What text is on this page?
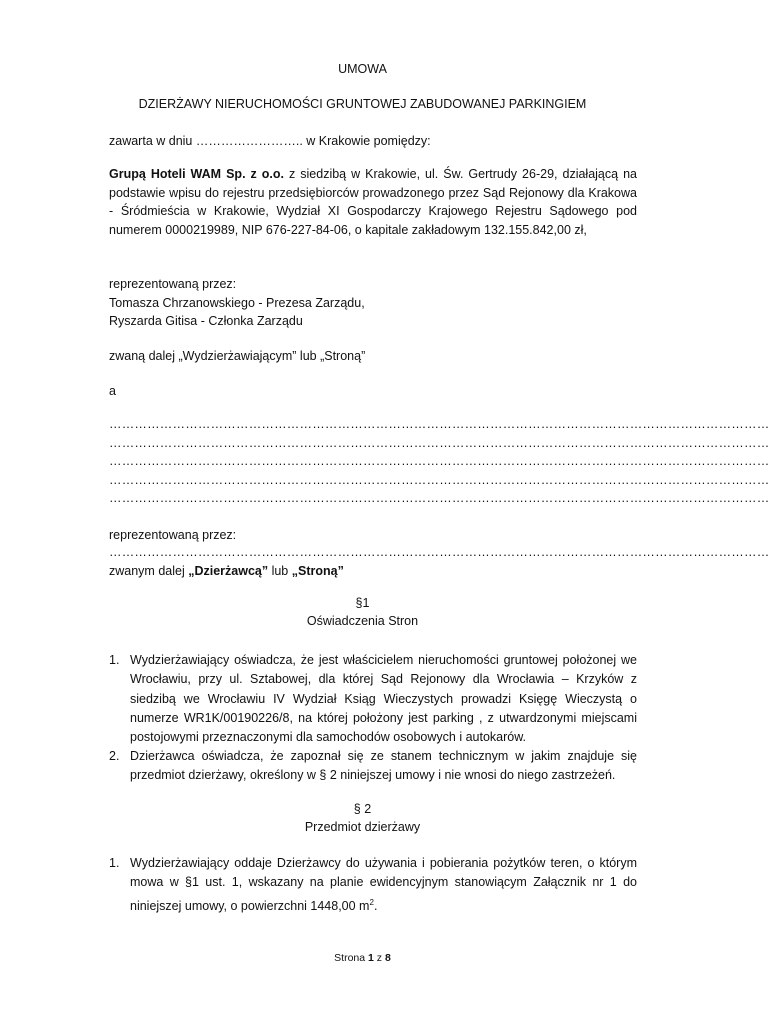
UMOWA
DZIERŻAWY NIERUCHOMOŚCI GRUNTOWEJ ZABUDOWANEJ PARKINGIEM
zawarta w dniu …………………….. w Krakowie pomiędzy:
Grupą Hoteli WAM Sp. z o.o. z siedzibą w Krakowie, ul. Św. Gertrudy 26-29, działającą na podstawie wpisu do rejestru przedsiębiorców prowadzonego przez Sąd Rejonowy dla Krakowa - Śródmieścia w Krakowie, Wydział XI Gospodarczy Krajowego Rejestru Sądowego pod numerem 0000219989, NIP 676-227-84-06, o kapitale zakładowym 132.155.842,00 zł,
reprezentowaną przez:
Tomasza Chrzanowskiego - Prezesa Zarządu,
Ryszarda Gitisa - Członka Zarządu
zwaną dalej „Wydzierżawiającym” lub „Stroną”
a
…………………………………………………………………………………………………………………………………………
…………………………………………………………………………………………………………………………………………
…………………………………………………………………………………………………………………………………………
…………………………………………………………………………………………………………………………………………
…………………………………………………………………………………………………………………………………………
reprezentowaną przez:
…………………………………………………………………………………………………………………………………………
zwanym dalej „Dzierżawcą” lub „Stroną”
§1
Oświadczenia Stron
1. Wydzierżawiający oświadcza, że jest właścicielem nieruchomości gruntowej położonej we Wrocławiu, przy ul. Sztabowej, dla której Sąd Rejonowy dla Wrocławia – Krzyków z siedzibą we Wrocławiu IV Wydział Ksiąg Wieczystych prowadzi Księgę Wieczystą o numerze WR1K/00190226/8, na której położony jest parking , z utwardzonymi miejscami postojowymi przeznaczonymi dla samochodów osobowych i autokarów.
2. Dzierżawca oświadcza, że zapoznał się ze stanem technicznym w jakim znajduje się przedmiot dzierżawy, określony w § 2 niniejszej umowy i nie wnosi do niego zastrzeżeń.
§ 2
Przedmiot dzierżawy
1. Wydzierżawiający oddaje Dzierżawcy do używania i pobierania pożytków teren, o którym mowa w §1 ust. 1, wskazany na planie ewidencyjnym stanowiącym Załącznik nr 1 do niniejszej umowy, o powierzchni 1448,00 $m^2$.
Strona 1 z 8
